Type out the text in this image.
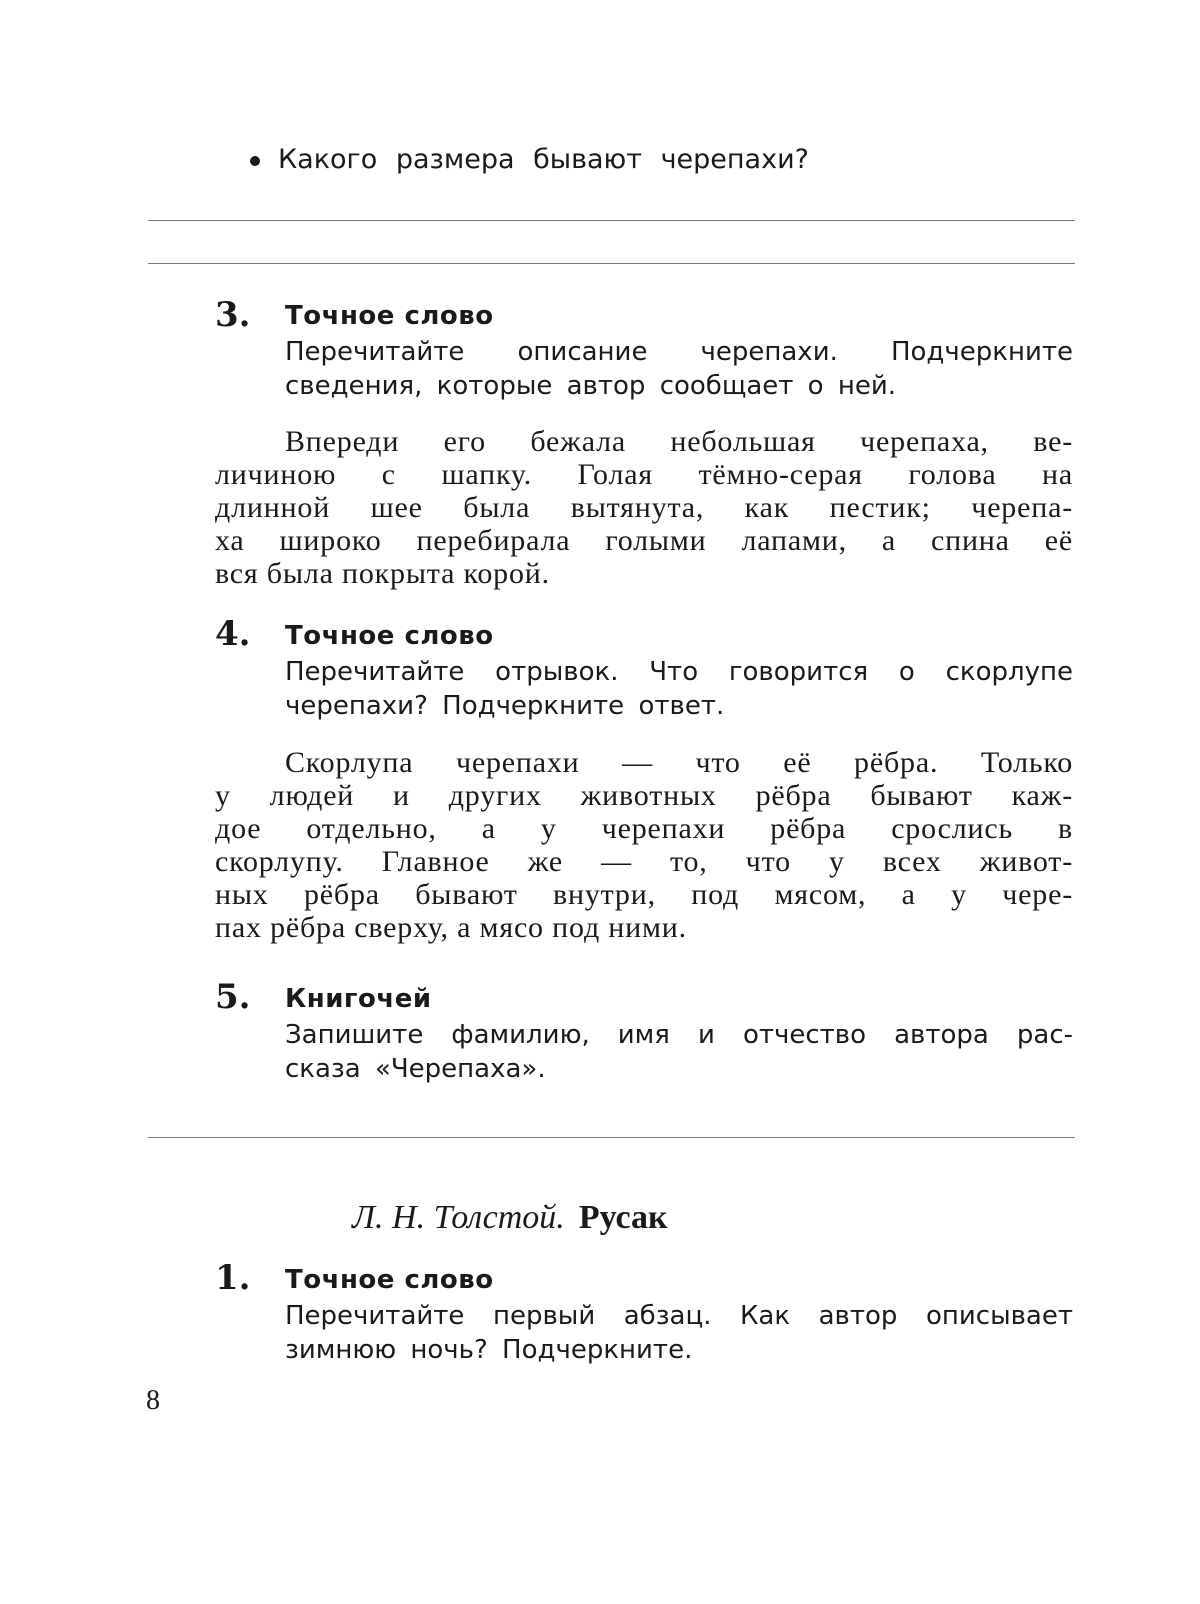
Какого размера бывают черепахи?
3. Точное слово
Перечитайте описание черепахи. Подчеркните
сведения, которые автор сообщает о ней.
Впереди его бежала небольшая черепаха, ве-
личиною с шапку. Голая тёмно-серая голова на
длинной шее была вытянута, как пестик; черепа-
ха широко перебирала голыми лапами, а спина её
вся была покрыта корой.
4. Точное слово
Перечитайте отрывок. Что говорится о скорлупе
черепахи? Подчеркните ответ.
Скорлупа черепахи — что её рёбра. Только
у людей и других животных рёбра бывают каж-
дое отдельно, а у черепахи рёбра срослись в
скорлупу. Главное же — то, что у всех живот-
ных рёбра бывают внутри, под мясом, а у чере-
пах рёбра сверху, а мясо под ними.
5. Книгочей
Запишите фамилию, имя и отчество автора рас-
сказа «Черепаха».
Л. Н. Толстой. Русак
1. Точное слово
Перечитайте первый абзац. Как автор описывает
зимнюю ночь? Подчеркните.
8
